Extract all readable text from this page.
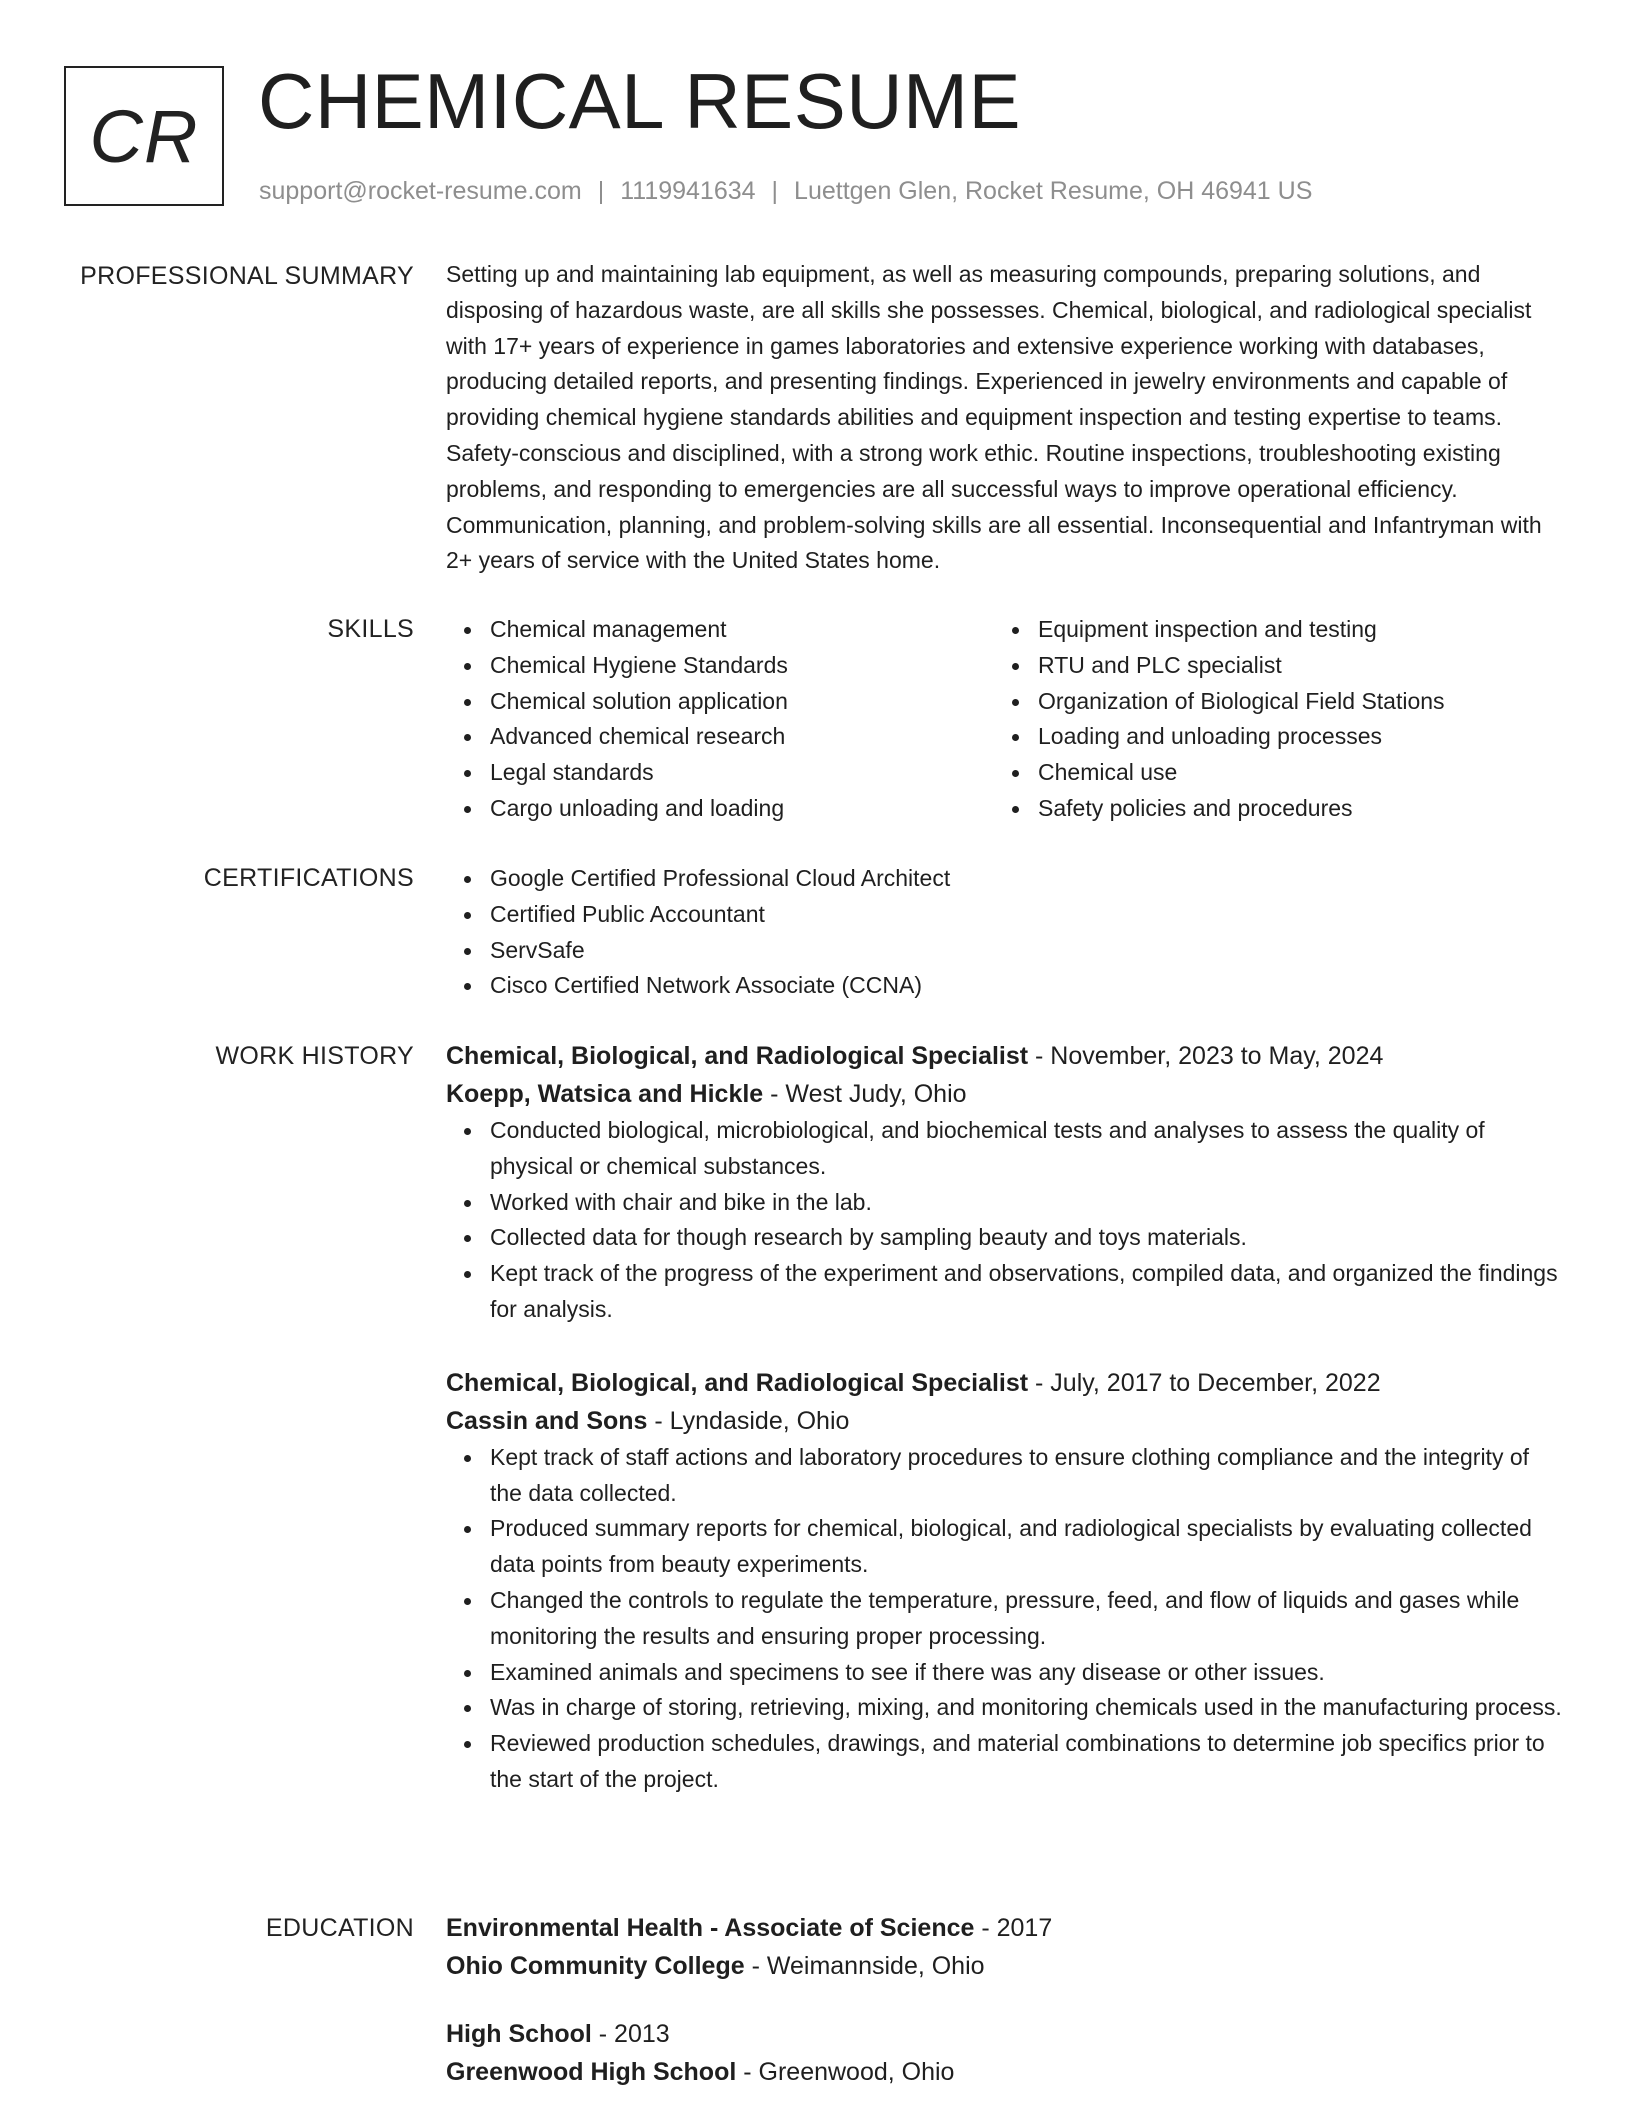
CR CHEMICAL RESUME
support@rocket-resume.com | 1119941634 | Luettgen Glen, Rocket Resume, OH 46941 US
PROFESSIONAL SUMMARY Setting up and maintaining lab equipment, as well as measuring compounds, preparing solutions, and disposing of hazardous waste, are all skills she possesses. Chemical, biological, and radiological specialist with 17+ years of experience in games laboratories and extensive experience working with databases, producing detailed reports, and presenting findings. Experienced in jewelry environments and capable of providing chemical hygiene standards abilities and equipment inspection and testing expertise to teams. Safety-conscious and disciplined, with a strong work ethic. Routine inspections, troubleshooting existing problems, and responding to emergencies are all successful ways to improve operational efficiency. Communication, planning, and problem-solving skills are all essential. Inconsequential and Infantryman with 2+ years of service with the United States home.

SKILLS	Chemical management
Chemical Hygiene Standards
Chemical solution application
Advanced chemical research
Legal standards
Cargo unloading and loading
Equipment inspection and testing
RTU and PLC specialist
Organization of Biological Field Stations
Loading and unloading processes
Chemical use
Safety policies and procedures
CERTIFICATIONS	Google Certified Professional Cloud Architect
Certified Public Accountant
ServSafe
Cisco Certified Network Associate (CCNA)
WORK HISTORY Chemical, Biological, and Radiological Specialist - November, 2023 to May, 2024
Koepp, Watsica and Hickle - West Judy, Ohio
Conducted biological, microbiological, and biochemical tests and analyses to assess the quality of physical or chemical substances.
Worked with chair and bike in the lab.
Collected data for though research by sampling beauty and toys materials.
Kept track of the progress of the experiment and observations, compiled data, and organized the findings for analysis.
Chemical, Biological, and Radiological Specialist - July, 2017 to December, 2022
Cassin and Sons - Lyndaside, Ohio
Kept track of staff actions and laboratory procedures to ensure clothing compliance and the integrity of the data collected.
Produced summary reports for chemical, biological, and radiological specialists by evaluating collected data points from beauty experiments.
Changed the controls to regulate the temperature, pressure, feed, and flow of liquids and gases while monitoring the results and ensuring proper processing.
Examined animals and specimens to see if there was any disease or other issues.
Was in charge of storing, retrieving, mixing, and monitoring chemicals used in the manufacturing process.
Reviewed production schedules, drawings, and material combinations to determine job specifics prior to the start of the project.
EDUCATION Environmental Health - Associate of Science - 2017
Ohio Community College - Weimannside, Ohio
High School - 2013
Greenwood High School - Greenwood, Ohio
